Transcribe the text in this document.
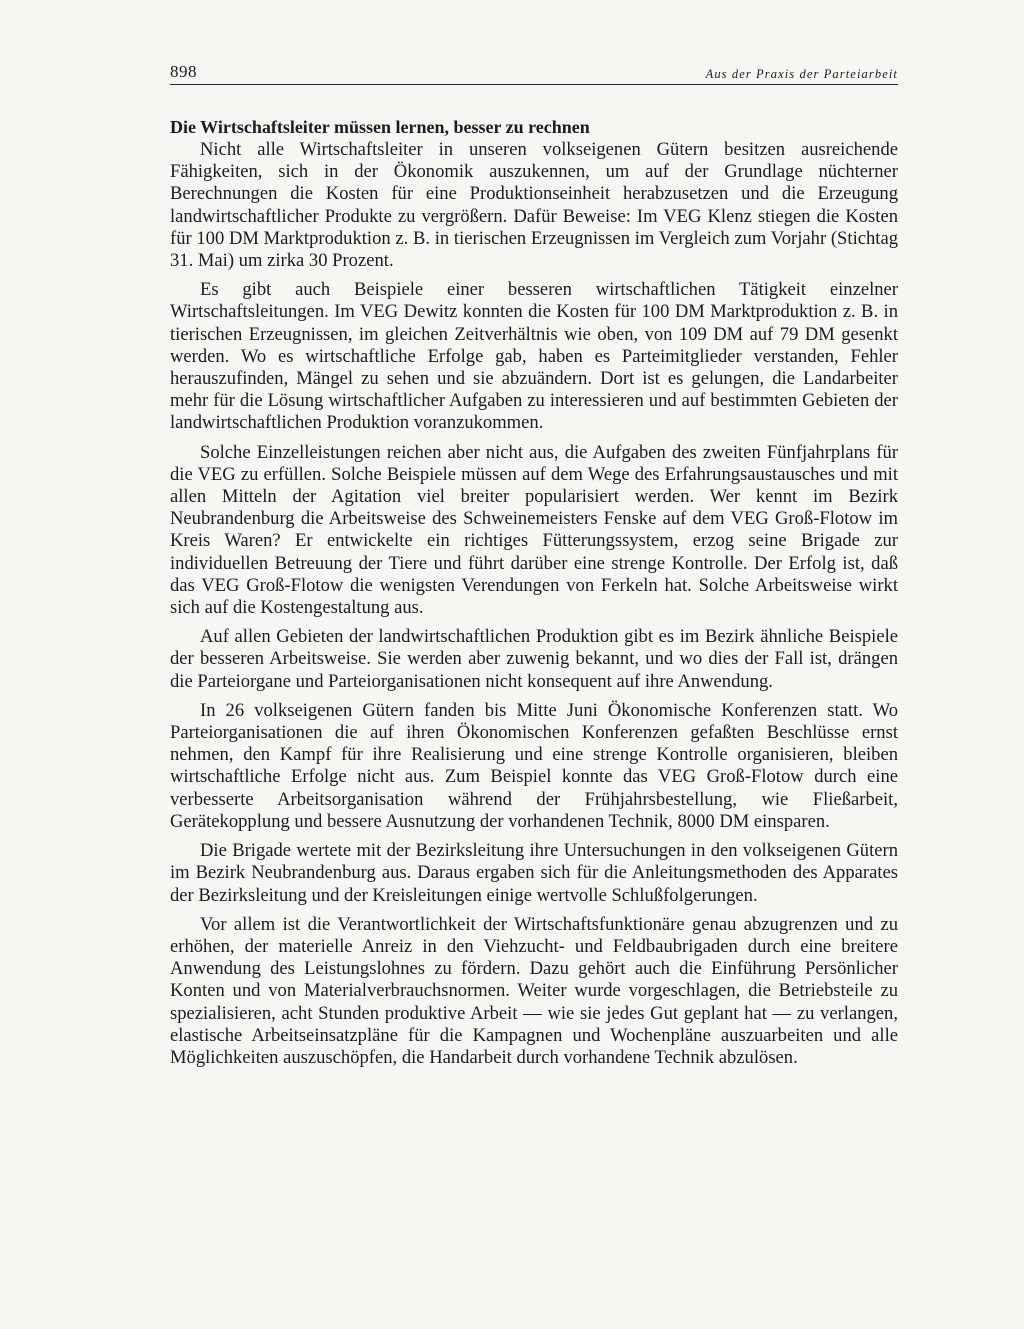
898	Aus der Praxis der Parteiarbeit
Die Wirtschaftsleiter müssen lernen, besser zu rechnen

Nicht alle Wirtschaftsleiter in unseren volkseigenen Gütern besitzen ausreichende Fähigkeiten, sich in der Ökonomik auszukennen, um auf der Grundlage nüchterner Berechnungen die Kosten für eine Produktionseinheit herabzusetzen und die Erzeugung landwirtschaftlicher Produkte zu vergrößern. Dafür Beweise: Im VEG Klenz stiegen die Kosten für 100 DM Marktproduktion z. B. in tierischen Erzeugnissen im Vergleich zum Vorjahr (Stichtag 31. Mai) um zirka 30 Prozent.

Es gibt auch Beispiele einer besseren wirtschaftlichen Tätigkeit einzelner Wirtschaftsleitungen. Im VEG Dewitz konnten die Kosten für 100 DM Marktproduktion z. B. in tierischen Erzeugnissen, im gleichen Zeitverhältnis wie oben, von 109 DM auf 79 DM gesenkt werden. Wo es wirtschaftliche Erfolge gab, haben es Parteimitglieder verstanden, Fehler herauszufinden, Mängel zu sehen und sie abzuändern. Dort ist es gelungen, die Landarbeiter mehr für die Lösung wirtschaftlicher Aufgaben zu interessieren und auf bestimmten Gebieten der landwirtschaftlichen Produktion voranzukommen.

Solche Einzelleistungen reichen aber nicht aus, die Aufgaben des zweiten Fünfjahrplans für die VEG zu erfüllen. Solche Beispiele müssen auf dem Wege des Erfahrungsaustausches und mit allen Mitteln der Agitation viel breiter popularisiert werden. Wer kennt im Bezirk Neubrandenburg die Arbeitsweise des Schweinemeisters Fenske auf dem VEG Groß-Flotow im Kreis Waren? Er entwickelte ein richtiges Fütterungssystem, erzog seine Brigade zur individuellen Betreuung der Tiere und führt darüber eine strenge Kontrolle. Der Erfolg ist, daß das VEG Groß-Flotow die wenigsten Verendungen von Ferkeln hat. Solche Arbeitsweise wirkt sich auf die Kostengestaltung aus.

Auf allen Gebieten der landwirtschaftlichen Produktion gibt es im Bezirk ähnliche Beispiele der besseren Arbeitsweise. Sie werden aber zuwenig bekannt, und wo dies der Fall ist, drängen die Parteiorgane und Parteiorganisationen nicht konsequent auf ihre Anwendung.

In 26 volkseigenen Gütern fanden bis Mitte Juni Ökonomische Konferenzen statt. Wo Parteiorganisationen die auf ihren Ökonomischen Konferenzen gefaßten Beschlüsse ernst nehmen, den Kampf für ihre Realisierung und eine strenge Kontrolle organisieren, bleiben wirtschaftliche Erfolge nicht aus. Zum Beispiel konnte das VEG Groß-Flotow durch eine verbesserte Arbeitsorganisation während der Frühjahrsbestellung, wie Fließarbeit, Gerätekopplung und bessere Ausnutzung der vorhandenen Technik, 8000 DM einsparen.

Die Brigade wertete mit der Bezirksleitung ihre Untersuchungen in den volkseigenen Gütern im Bezirk Neubrandenburg aus. Daraus ergaben sich für die Anleitungsmethoden des Apparates der Bezirksleitung und der Kreisleitungen einige wertvolle Schlußfolgerungen.

Vor allem ist die Verantwortlichkeit der Wirtschaftsfunktionäre genau abzugrenzen und zu erhöhen, der materielle Anreiz in den Viehzucht- und Feldbaubrigaden durch eine breitere Anwendung des Leistungslohnes zu fördern. Dazu gehört auch die Einführung Persönlicher Konten und von Materialverbrauchsnormen. Weiter wurde vorgeschlagen, die Betriebsteile zu spezialisieren, acht Stunden produktive Arbeit — wie sie jedes Gut geplant hat — zu verlangen, elastische Arbeitseinsatzpläne für die Kampagnen und Wochenpläne auszuarbeiten und alle Möglichkeiten auszuschöpfen, die Handarbeit durch vorhandene Technik abzulösen.
